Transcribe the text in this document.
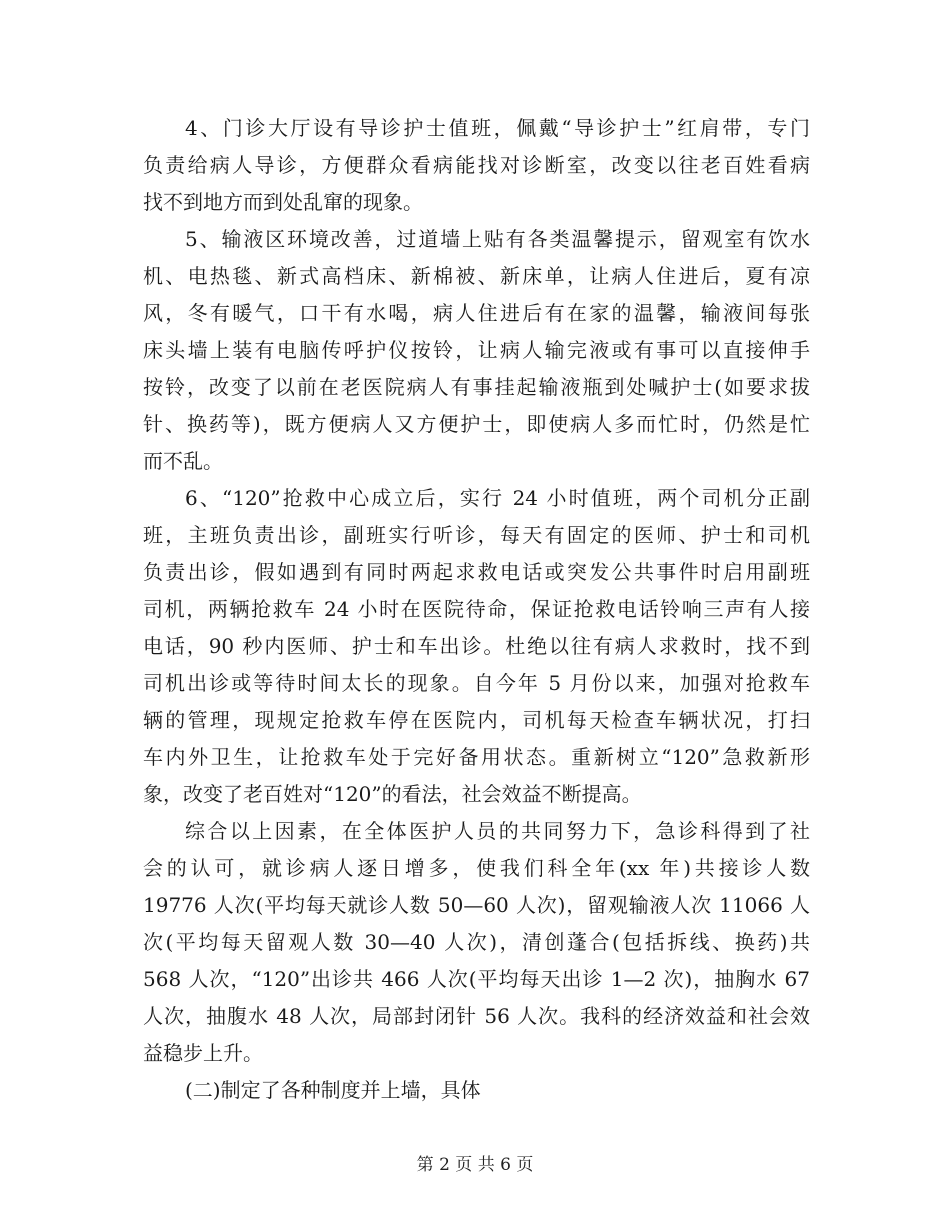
4、门诊大厅设有导诊护士值班，佩戴“导诊护士”红肩带，专门
负责给病人导诊，方便群众看病能找对诊断室，改变以往老百姓看病
找不到地方而到处乱窜的现象。
5、输液区环境改善，过道墙上贴有各类温馨提示，留观室有饮水
机、电热毯、新式高档床、新棉被、新床单，让病人住进后，夏有凉
风，冬有暖气，口干有水喝，病人住进后有在家的温馨，输液间每张
床头墙上装有电脑传呼护仪按铃，让病人输完液或有事可以直接伸手
按铃，改变了以前在老医院病人有事挂起输液瓶到处喊护士(如要求拔
针、换药等)，既方便病人又方便护士，即使病人多而忙时，仍然是忙
而不乱。
6、“120”抢救中心成立后，实行 24 小时值班，两个司机分正副
班，主班负责出诊，副班实行听诊，每天有固定的医师、护士和司机
负责出诊，假如遇到有同时两起求救电话或突发公共事件时启用副班
司机，两辆抢救车 24 小时在医院待命，保证抢救电话铃响三声有人接
电话，90 秒内医师、护士和车出诊。杜绝以往有病人求救时，找不到
司机出诊或等待时间太长的现象。自今年 5 月份以来，加强对抢救车
辆的管理，现规定抢救车停在医院内，司机每天检查车辆状况，打扫
车内外卫生，让抢救车处于完好备用状态。重新树立“120”急救新形
象，改变了老百姓对“120”的看法，社会效益不断提高。
综合以上因素，在全体医护人员的共同努力下，急诊科得到了社
会的认可，就诊病人逐日增多，使我们科全年(xx 年)共接诊人数
19776 人次(平均每天就诊人数 50—60 人次)，留观输液人次 11066 人
次(平均每天留观人数 30—40 人次)，清创蓬合(包括拆线、换药)共
568 人次，“120”出诊共 466 人次(平均每天出诊 1—2 次)，抽胸水 67
人次，抽腹水 48 人次，局部封闭针 56 人次。我科的经济效益和社会效
益稳步上升。
(二)制定了各种制度并上墙，具体
第 2 页 共 6 页
